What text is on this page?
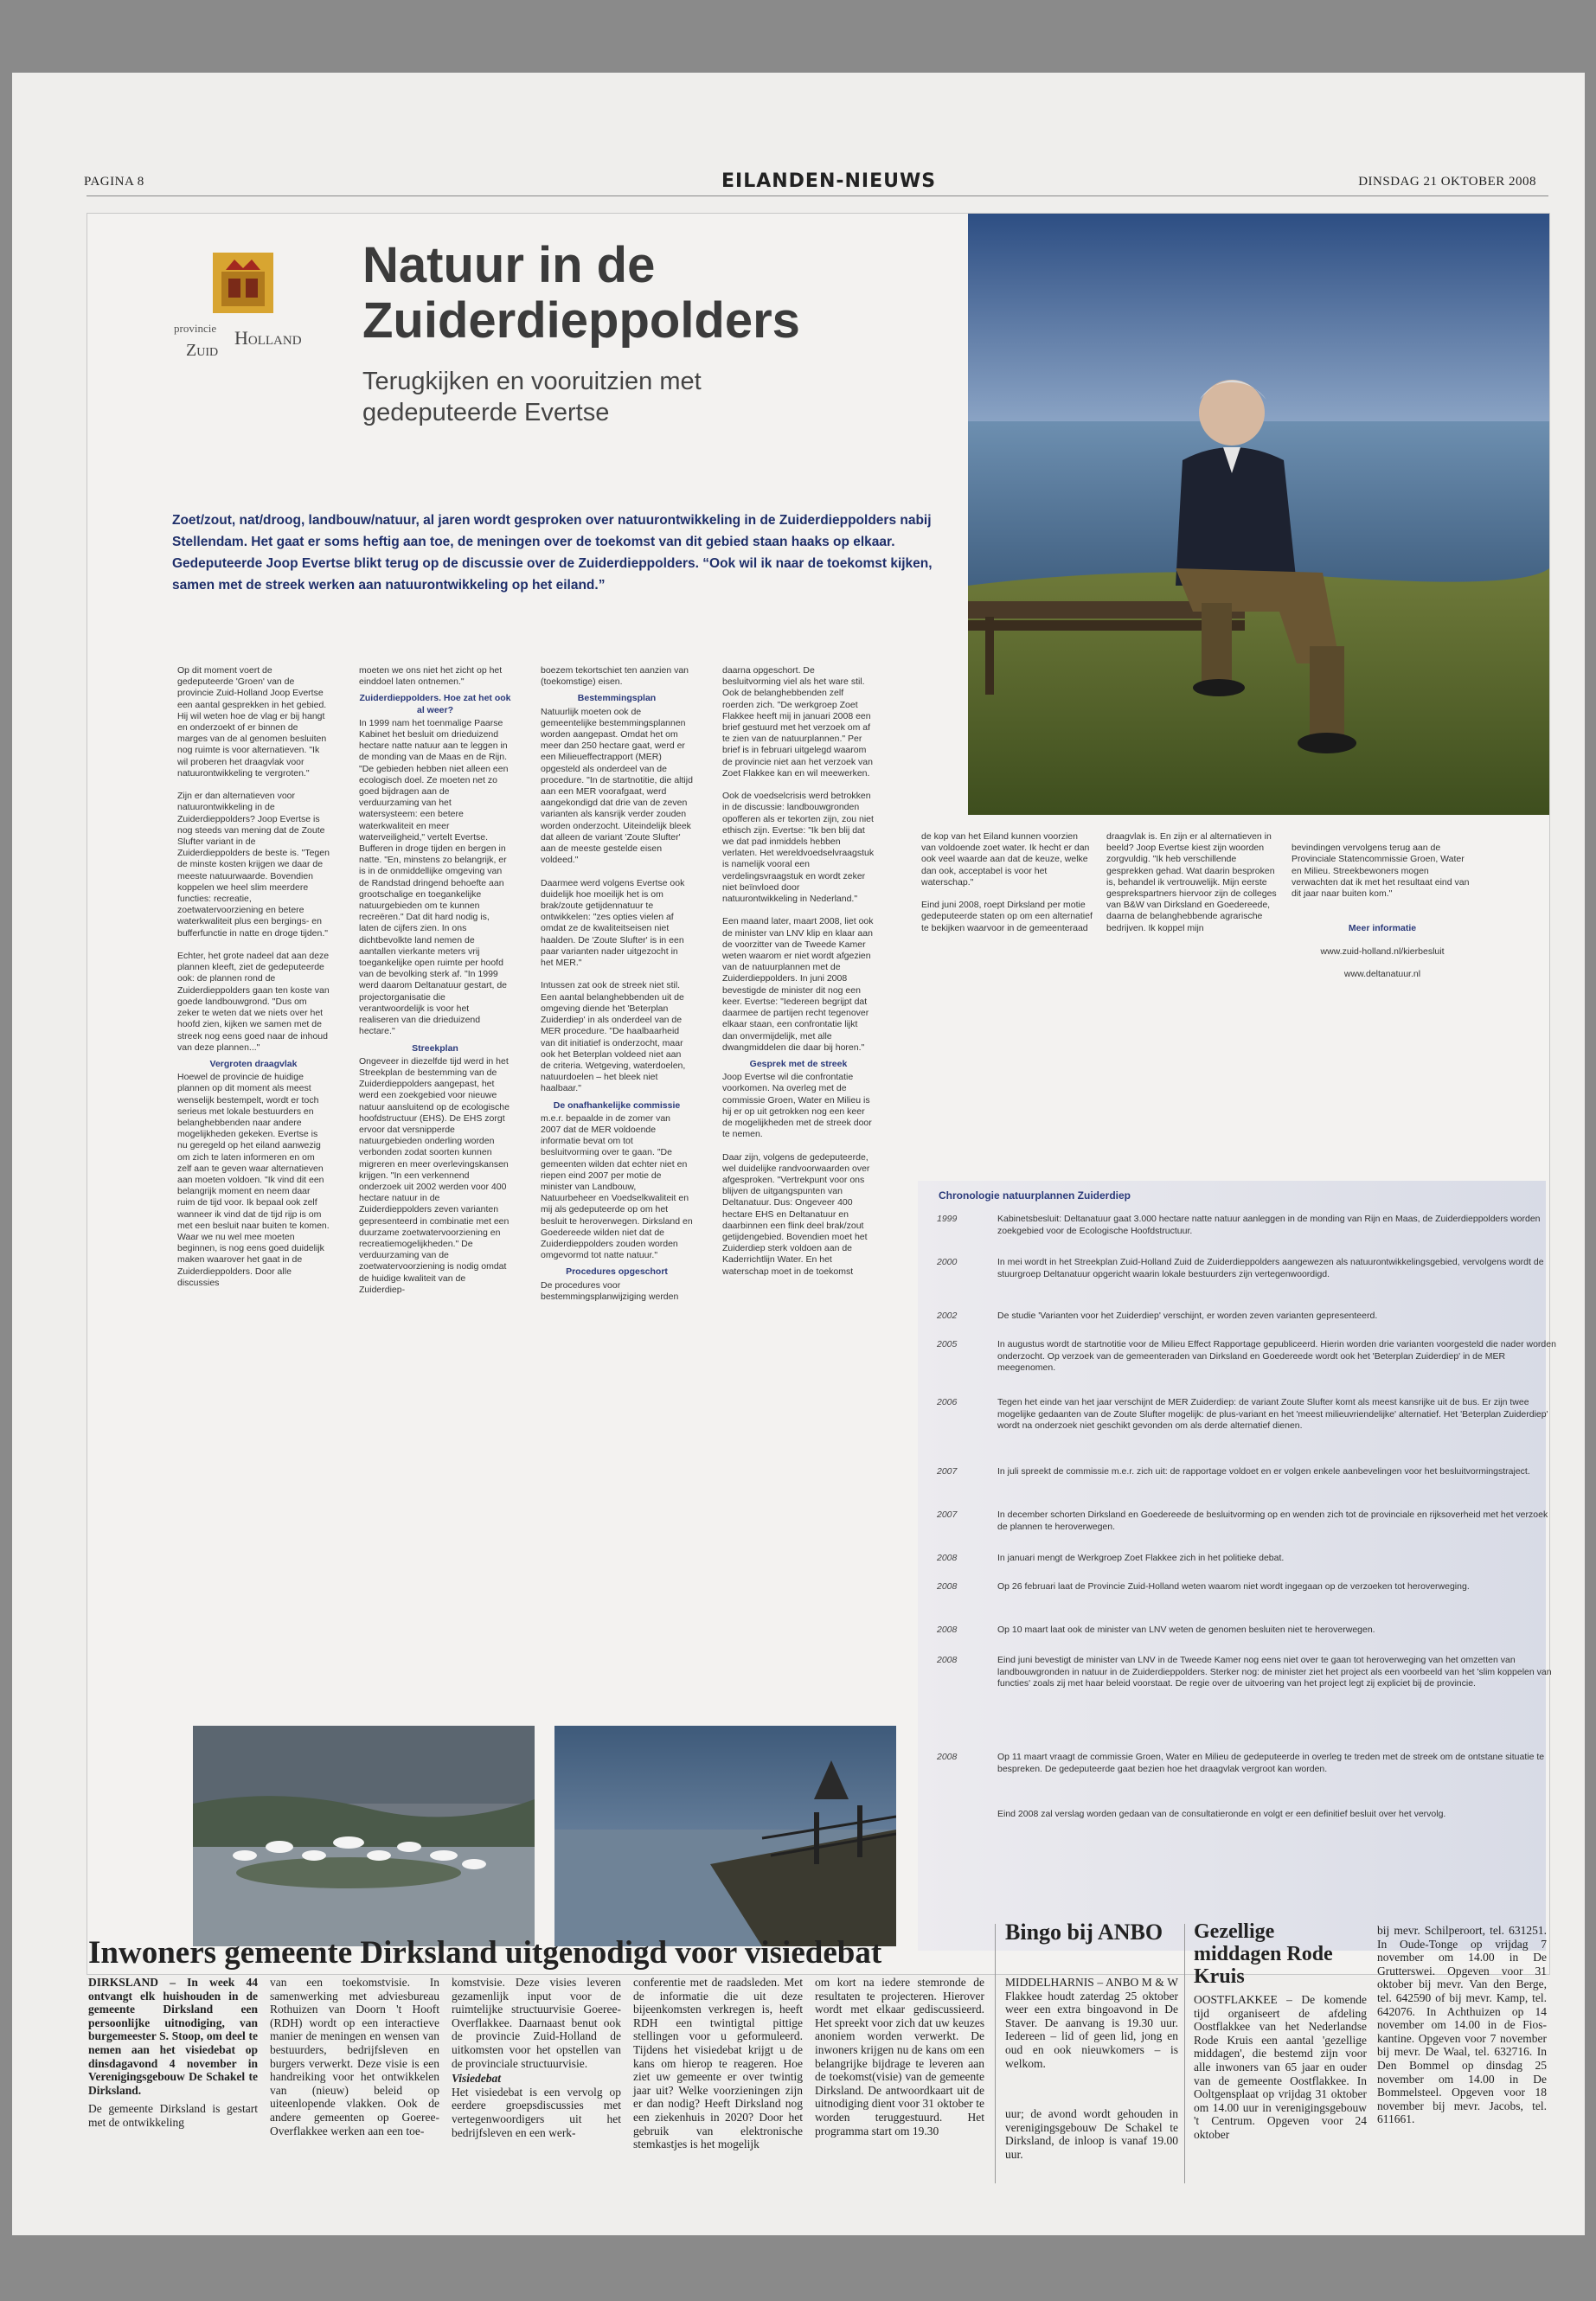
PAGINA 8	EILANDEN-NIEUWS	DINSDAG 21 OKTOBER 2008
provincie Holland
Zuid
Natuur in de
Zuiderdieppolders
Terugkijken en vooruitzien met gedeputeerde Evertse
Zoet/zout, nat/droog, landbouw/natuur, al jaren wordt gesproken over natuurontwikkeling in de Zuiderdieppolders nabij Stellendam. Het gaat er soms heftig aan toe, de meningen over de toekomst van dit gebied staan haaks op elkaar. Gedeputeerde Joop Evertse blikt terug op de discussie over de Zuiderdieppolders. “Ook wil ik naar de toekomst kijken, samen met de streek werken aan natuurontwikkeling op het eiland.”
Op dit moment voert de gedeputeerde 'Groen' van de provincie Zuid-Holland Joop Evertse een aantal gesprekken in het gebied. Hij wil weten hoe de vlag er bij hangt en onderzoekt of er binnen de marges van de al genomen besluiten nog ruimte is voor alternatieven. "Ik wil proberen het draagvlak voor natuurontwikkeling te vergroten."

Zijn er dan alternatieven voor natuurontwikkeling in de Zuiderdieppolders? Joop Evertse is nog steeds van mening dat de Zoute Slufter variant in de Zuiderdieppolders de beste is. "Tegen de minste kosten krijgen we daar de meeste natuurwaarde. Bovendien koppelen we heel slim meerdere functies: recreatie, zoetwatervoorziening en betere waterkwaliteit plus een bergings- en bufferfunctie in natte en droge tijden."

Echter, het grote nadeel dat aan deze plannen kleeft, ziet de gedeputeerde ook: de plannen rond de Zuiderdieppolders gaan ten koste van goede landbouwgrond. "Dus om zeker te weten dat we niets over het hoofd zien, kijken we samen met de streek nog eens goed naar de inhoud van deze plannen..."
Vergroten draagvlak
Hoewel de provincie de huidige plannen op dit moment als meest wenselijk bestempelt, wordt er toch serieus met lokale bestuurders en belanghebbenden naar andere mogelijkheden gekeken. Evertse is nu geregeld op het eiland aanwezig om zich te laten informeren en om zelf aan te geven waar alternatieven aan moeten voldoen. "Ik vind dit een belangrijk moment en neem daar ruim de tijd voor. Ik bepaal ook zelf wanneer ik vind dat de tijd rijp is om met een besluit naar buiten te komen. Waar we nu wel mee moeten beginnen, is nog eens goed duidelijk maken waarover het gaat in de Zuiderdieppolders. Door alle discussies
moeten we ons niet het zicht op het einddoel laten ontnemen."
Zuiderdieppolders. Hoe zat het ook al weer?
In 1999 nam het toenmalige Paarse Kabinet het besluit om drieduizend hectare natte natuur aan te leggen in de monding van de Maas en de Rijn. "De gebieden hebben niet alleen een ecologisch doel. Ze moeten net zo goed bijdragen aan de verduurzaming van het watersysteem: een betere waterkwaliteit en meer waterveiligheid," vertelt Evertse. Bufferen in droge tijden en bergen in natte. "En, minstens zo belangrijk, er is in de onmiddellijke omgeving van de Randstad dringend behoefte aan grootschalige en toegankelijke natuurgebieden om te kunnen recreëren." Dat dit hard nodig is, laten de cijfers zien. In ons dichtbevolkte land nemen de aantallen vierkante meters vrij toegankelijke open ruimte per hoofd van de bevolking sterk af. "In 1999 werd daarom Deltanatuur gestart, de projectorganisatie die verantwoordelijk is voor het realiseren van die drieduizend hectare."
Streekplan
Ongeveer in diezelfde tijd werd in het Streekplan de bestemming van de Zuiderdieppolders aangepast, het werd een zoekgebied voor nieuwe natuur aansluitend op de ecologische hoofdstructuur (EHS). De EHS zorgt ervoor dat versnipperde natuurgebieden onderling worden verbonden zodat soorten kunnen migreren en meer overlevingskansen krijgen. "In een verkennend onderzoek uit 2002 werden voor 400 hectare natuur in de Zuiderdieppolders zeven varianten gepresenteerd in combinatie met een duurzame zoetwatervoorziening en recreatiemogelijkheden." De verduurzaming van de zoetwatervoorziening is nodig omdat de huidige kwaliteit van de Zuiderdiep-
boezem tekortschiet ten aanzien van (toekomstige) eisen.
Bestemmingsplan
Natuurlijk moeten ook de gemeentelijke bestemmingsplannen worden aangepast. Omdat het om meer dan 250 hectare gaat, werd er een Milieueffectrapport (MER) opgesteld als onderdeel van de procedure. "In de startnotitie, die altijd aan een MER voorafgaat, werd aangekondigd dat drie van de zeven varianten als kansrijk verder zouden worden onderzocht. Uiteindelijk bleek dat alleen de variant 'Zoute Slufter' aan de meeste gestelde eisen voldeed."

Daarmee werd volgens Evertse ook duidelijk hoe moeilijk het is om brak/zoute getijdennatuur te ontwikkelen: "zes opties vielen af omdat ze de kwaliteitseisen niet haalden. De 'Zoute Slufter' is in een paar varianten nader uitgezocht in het MER."

Intussen zat ook de streek niet stil. Een aantal belanghebbenden uit de omgeving diende het 'Beterplan Zuiderdiep' in als onderdeel van de MER procedure. "De haalbaarheid van dit initiatief is onderzocht, maar ook het Beterplan voldeed niet aan de criteria. Wetgeving, waterdoelen, natuurdoelen – het bleek niet haalbaar."
De onafhankelijke commissie
m.e.r. bepaalde in de zomer van 2007 dat de MER voldoende informatie bevat om tot besluitvorming over te gaan. "De gemeenten wilden dat echter niet en riepen eind 2007 per motie de minister van Landbouw, Natuurbeheer en Voedselkwaliteit en mij als gedeputeerde op om het besluit te heroverwegen. Dirksland en Goedereede wilden niet dat de Zuiderdieppolders zouden worden omgevormd tot natte natuur."
Procedures opgeschort
De procedures voor bestemmingsplanwijziging werden
daarna opgeschort. De besluitvorming viel als het ware stil. Ook de belanghebbenden zelf roerden zich. "De werkgroep Zoet Flakkee heeft mij in januari 2008 een brief gestuurd met het verzoek om af te zien van de natuurplannen." Per brief is in februari uitgelegd waarom de provincie niet aan het verzoek van Zoet Flakkee kan en wil meewerken.

Ook de voedselcrisis werd betrokken in de discussie: landbouwgronden opofferen als er tekorten zijn, zou niet ethisch zijn. Evertse: "Ik ben blij dat we dat pad inmiddels hebben verlaten. Het wereldvoedselvraagstuk is namelijk vooral een verdelingsvraagstuk en wordt zeker niet beïnvloed door natuurontwikkeling in Nederland."

Een maand later, maart 2008, liet ook de minister van LNV klip en klaar aan de voorzitter van de Tweede Kamer weten waarom er niet wordt afgezien van de natuurplannen met de Zuiderdieppolders. In juni 2008 bevestigde de minister dit nog een keer. Evertse: "Iedereen begrijpt dat daarmee de partijen recht tegenover elkaar staan, een confrontatie lijkt dan onvermijdelijk, met alle dwangmiddelen die daar bij horen."
Gesprek met de streek
Joop Evertse wil die confrontatie voorkomen. Na overleg met de commissie Groen, Water en Milieu is hij er op uit getrokken nog een keer de mogelijkheden met de streek door te nemen.

Daar zijn, volgens de gedeputeerde, wel duidelijke randvoorwaarden over afgesproken. "Vertrekpunt voor ons blijven de uitgangspunten van Deltanatuur. Dus: Ongeveer 400 hectare EHS en Deltanatuur en daarbinnen een flink deel brak/zout getijdengebied. Bovendien moet het Zuiderdiep sterk voldoen aan de Kaderrichtlijn Water. En het waterschap moet in de toekomst
de kop van het Eiland kunnen voorzien van voldoende zoet water. Ik hecht er dan ook veel waarde aan dat de keuze, welke dan ook, acceptabel is voor het waterschap."

Eind juni 2008, roept Dirksland per motie gedeputeerde staten op om een alternatief te bekijken waarvoor in de gemeenteraad
draagvlak is. En zijn er al alternatieven in beeld? Joop Evertse kiest zijn woorden zorgvuldig. "Ik heb verschillende gesprekken gehad. Wat daarin besproken is, behandel ik vertrouwelijk. Mijn eerste gesprekspartners hiervoor zijn de colleges van B&W van Dirksland en Goedereede, daarna de belanghebbende agrarische bedrijven. Ik koppel mijn

bevindingen vervolgens terug aan de Provinciale Statencommissie Groen, Water en Milieu. Streekbewoners mogen verwachten dat ik met het resultaat eind van dit jaar naar buiten kom."

Meer informatie

www.zuid-holland.nl/kierbesluit

www.deltanatuur.nl

Chronologie natuurplannen Zuiderdiep
1999	Kabinetsbesluit: Deltanatuur gaat 3.000 hectare natte natuur aanleggen in de monding van Rijn en Maas, de Zuiderdieppolders worden zoekgebied voor de Ecologische Hoofdstructuur.
2000	In mei wordt in het Streekplan Zuid-Holland Zuid de Zuiderdieppolders aangewezen als natuurontwikkelingsgebied, vervolgens wordt de stuurgroep Deltanatuur opgericht waarin lokale bestuurders zijn vertegenwoordigd.
2002	De studie 'Varianten voor het Zuiderdiep' verschijnt, er worden zeven varianten gepresenteerd.
2005	In augustus wordt de startnotitie voor de Milieu Effect Rapportage gepubliceerd. Hierin worden drie varianten voorgesteld die nader worden onderzocht. Op verzoek van de gemeenteraden van Dirksland en Goedereede wordt ook het 'Beterplan Zuiderdiep' in de MER meegenomen.
2006	Tegen het einde van het jaar verschijnt de MER Zuiderdiep: de variant Zoute Slufter komt als meest kansrijke uit de bus. Er zijn twee mogelijke gedaanten van de Zoute Slufter mogelijk: de plus-variant en het 'meest milieuvriendelijke' alternatief. Het 'Beterplan Zuiderdiep' wordt na onderzoek niet geschikt gevonden om als derde alternatief dienen.
2007	In juli spreekt de commissie m.e.r. zich uit: de rapportage voldoet en er volgen enkele aanbevelingen voor het besluitvormingstraject.
2007	In december schorten Dirksland en Goedereede de besluitvorming op en wenden zich tot de provinciale en rijksoverheid met het verzoek de plannen te heroverwegen.
2008	In januari mengt de Werkgroep Zoet Flakkee zich in het politieke debat.
2008	Op 26 februari laat de Provincie Zuid-Holland weten waarom niet wordt ingegaan op de verzoeken tot heroverweging.
2008	Op 10 maart laat ook de minister van LNV weten de genomen besluiten niet te heroverwegen.
2008	Eind juni bevestigt de minister van LNV in de Tweede Kamer nog eens niet over te gaan tot heroverweging van het omzetten van landbouwgronden in natuur in de Zuiderdieppolders. Sterker nog: de minister ziet het project als een voorbeeld van het 'slim koppelen van functies' zoals zij met haar beleid voorstaat. De regie over de uitvoering van het project legt zij expliciet bij de provincie.
2008	Op 11 maart vraagt de commissie Groen, Water en Milieu de gedeputeerde in overleg te treden met de streek om de ontstane situatie te bespreken. De gedeputeerde gaat bezien hoe het draagvlak vergroot kan worden.
Eind 2008 zal verslag worden gedaan van de consultatieronde en volgt er een definitief besluit over het vervolg.
Inwoners gemeente Dirksland uitgenodigd voor visiedebat
DIRKSLAND – In week 44 ontvangt elk huishouden in de gemeente Dirksland een persoonlijke uitnodiging, van burgemeester S. Stoop, om deel te nemen aan het visiedebat op dinsdagavond 4 november in Verenigingsgebouw De Schakel te Dirksland.
De gemeente Dirksland is gestart met de ontwikkeling
van een toekomstvisie. In samenwerking met adviesbureau Rothuizen van Doorn 't Hooft (RDH) wordt op een interactieve manier de meningen en wensen van bestuurders, bedrijfsleven en burgers verwerkt. Deze visie is een handreiking voor het ontwikkelen van (nieuw) beleid op uiteenlopende vlakken. Ook de andere gemeenten op Goeree-Overflakkee werken aan een toe-
komstvisie. Deze visies leveren gezamenlijk input voor de ruimtelijke structuurvisie Goeree-Overflakkee. Daarnaast benut ook de provincie Zuid-Holland de uitkomsten voor het opstellen van de provinciale structuurvisie.
Visiedebat
Het visiedebat is een vervolg op eerdere groepsdiscussies met vertegenwoordigers uit het bedrijfsleven en een werk-
conferentie met de raadsleden. Met de informatie die uit deze bijeenkomsten verkregen is, heeft RDH een twintigtal pittige stellingen voor u geformuleerd. Tijdens het visiedebat krijgt u de kans om hierop te reageren. Hoe ziet uw gemeente er over twintig jaar uit? Welke voorzieningen zijn er dan nodig? Heeft Dirksland nog een ziekenhuis in 2020? Door het gebruik van elektronische stemkastjes is het mogelijk
om kort na iedere stemronde de resultaten te projecteren. Hierover wordt met elkaar gediscussieerd. Het spreekt voor zich dat uw keuzes anoniem worden verwerkt. De inwoners krijgen nu de kans om een belangrijke bijdrage te leveren aan de toekomst(visie) van de gemeente Dirksland. De antwoordkaart uit de uitnodiging dient voor 31 oktober te worden teruggestuurd. Het programma start om 19.30
Bingo bij ANBO
MIDDELHARNIS – ANBO M & W Flakkee houdt zaterdag 25 oktober weer een extra bingoavond in De Staver. De aanvang is 19.30 uur. Iedereen – lid of geen lid, jong en oud en ook nieuwkomers – is welkom.
uur; de avond wordt gehouden in verenigingsgebouw De Schakel te Dirksland, de inloop is vanaf 19.00 uur.
Gezellige middagen Rode Kruis
OOSTFLAKKEE – De komende tijd organiseert de afdeling Oostflakkee van het Nederlandse Rode Kruis een aantal 'gezellige middagen', die bestemd zijn voor alle inwoners van 65 jaar en ouder van de gemeente Oostflakkee. In Ooltgensplaat op vrijdag 31 oktober om 14.00 uur in verenigingsgebouw 't Centrum. Opgeven voor 24 oktober
bij mevr. Schilperoort, tel. 631251. In Oude-Tonge op vrijdag 7 november om 14.00 in De Grutterswei. Opgeven voor 31 oktober bij mevr. Van den Berge, tel. 642590 of bij mevr. Kamp, tel. 642076. In Achthuizen op 14 november om 14.00 in de Fios-kantine. Opgeven voor 7 november bij mevr. De Waal, tel. 632716. In Den Bommel op dinsdag 25 november om 14.00 in De Bommelsteel. Opgeven voor 18 november bij mevr. Jacobs, tel. 611661.
